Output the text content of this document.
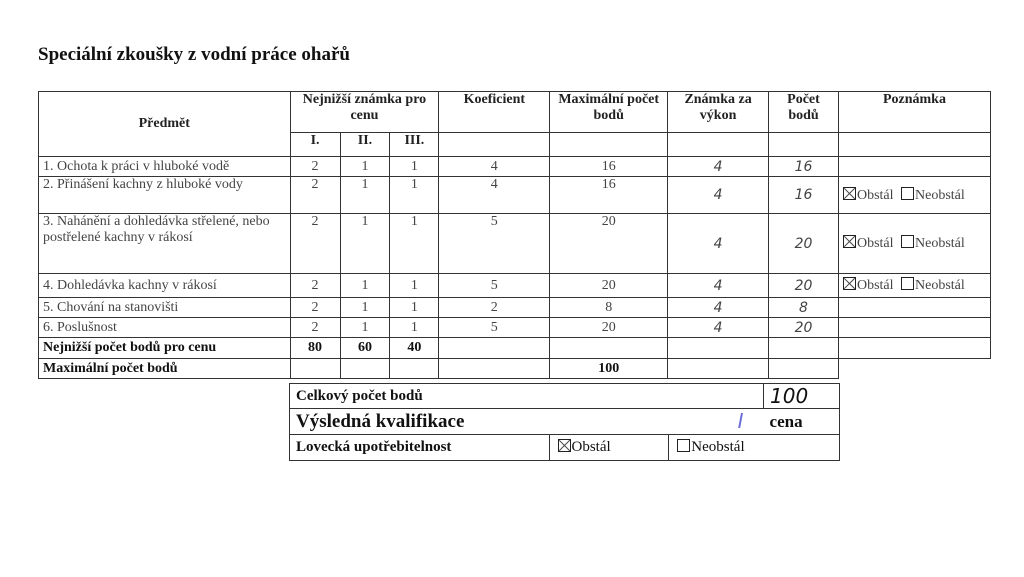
Speciální zkoušky z vodní práce ohařů
Předmět	Nejnižší známka pro cenu			Koeficient	Maximální počet bodů	Známka za výkon	Počet bodů	Poznámka
	I.	II.	III.					
1. Ochota k práci v hluboké vodě	2	1	1	4	16	4	16	
2. Přinášení kachny z hluboké vody	2	1	1	4	16	4	16	Obstál Neobstál
3. Nahánění a dohledávka střelené, nebo postřelené kachny v rákosí	2	1	1	5	20	4	20	Obstál Neobstál
4. Dohledávka kachny v rákosí	2	1	1	5	20	4	20	Obstál Neobstál
5. Chování na stanovišti	2	1	1	2	8	4	8	
6. Poslušnost	2	1	1	5	20	4	20	
Nejnižší počet bodů pro cenu	80	60	40					
Maximální počet bodů					100			
Celkový počet bodů			100
Výsledná kvalifikace I			cena
Lovecká upotřebitelnost	Obstál	Neobstál	
